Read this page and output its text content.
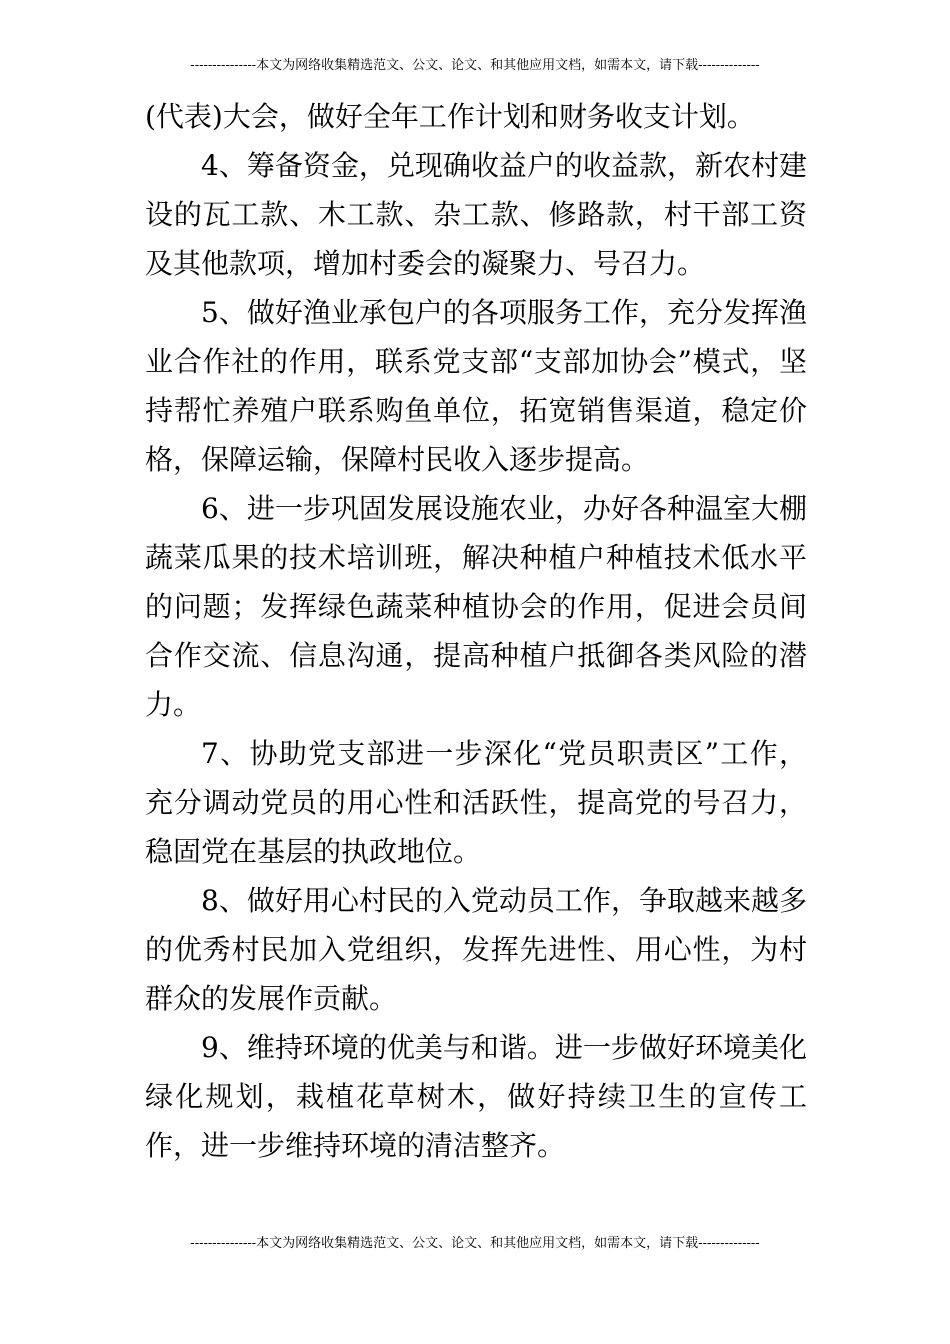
---------------本文为网络收集精选范文、公文、论文、和其他应用文档，如需本文，请下载--------------

(代表)大会，做好全年工作计划和财务收支计划。

4、筹备资金，兑现确收益户的收益款，新农村建设的瓦工款、木工款、杂工款、修路款，村干部工资及其他款项，增加村委会的凝聚力、号召力。

5、做好渔业承包户的各项服务工作，充分发挥渔业合作社的作用，联系党支部“支部加协会”模式，坚持帮忙养殖户联系购鱼单位，拓宽销售渠道，稳定价格，保障运输，保障村民收入逐步提高。

6、进一步巩固发展设施农业，办好各种温室大棚蔬菜瓜果的技术培训班，解决种植户种植技术低水平的问题；发挥绿色蔬菜种植协会的作用，促进会员间合作交流、信息沟通，提高种植户抵御各类风险的潜力。

7、协助党支部进一步深化“党员职责区”工作，充分调动党员的用心性和活跃性，提高党的号召力，稳固党在基层的执政地位。

8、做好用心村民的入党动员工作，争取越来越多的优秀村民加入党组织，发挥先进性、用心性，为村群众的发展作贡献。

9、维持环境的优美与和谐。进一步做好环境美化绿化规划，栽植花草树木，做好持续卫生的宣传工作，进一步维持环境的清洁整齐。

---------------本文为网络收集精选范文、公文、论文、和其他应用文档，如需本文，请下载--------------
